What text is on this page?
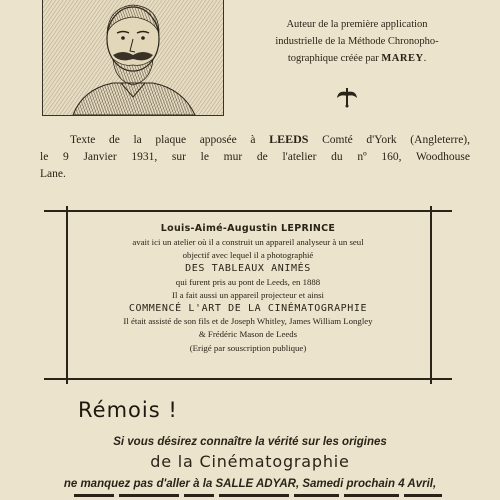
Auteur de la première application
industrielle de la Méthode Chronopho-
tographique créée par MAREY.
Texte de la plaque apposée à LEEDS Comté d'York (Angleterre),
le 9 Janvier 1931, sur le mur de l'atelier du nº 160, Woodhouse
Lane.
Louis-Aimé-Augustin LEPRINCE
avait ici un atelier où il a construit un appareil analyseur à un seul
objectif avec lequel il a photographié
DES TABLEAUX ANIMÉS
qui furent pris au pont de Leeds, en 1888
Il a fait aussi un appareil projecteur et ainsi
COMMENCÉ L'ART DE LA CINÉMATOGRAPHIE
Il était assisté de son fils et de Joseph Whitley, James William Longley
& Frédéric Mason de Leeds
(Erigé par souscription publique)
Rémois !
Si vous désirez connaître la vérité sur les origines
de la Cinématographie
ne manquez pas d'aller à la SALLE ADYAR, Samedi prochain 4 Avril,
